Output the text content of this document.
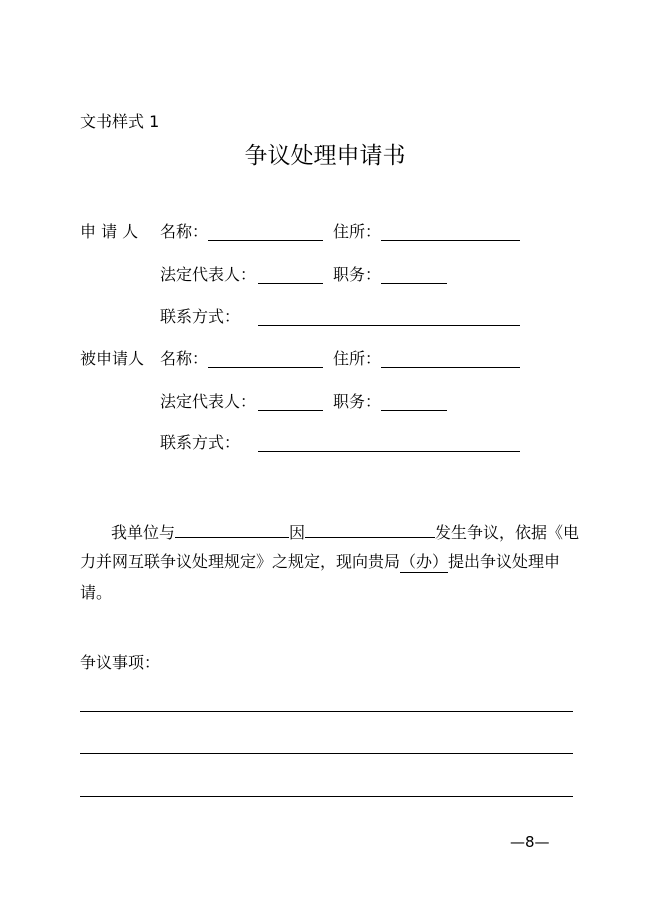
文书样式 1
争议处理申请书
申 请 人 名称：	住所：
法定代表人：	职务：
联系方式：
被申请人 名称：	住所：
法定代表人：	职务：
联系方式：
我单位与	因	发生争议，依据《电
力并网互联争议处理规定》之规定，现向贵局（办）提出争议处理申
请。
争议事项：
—8—
